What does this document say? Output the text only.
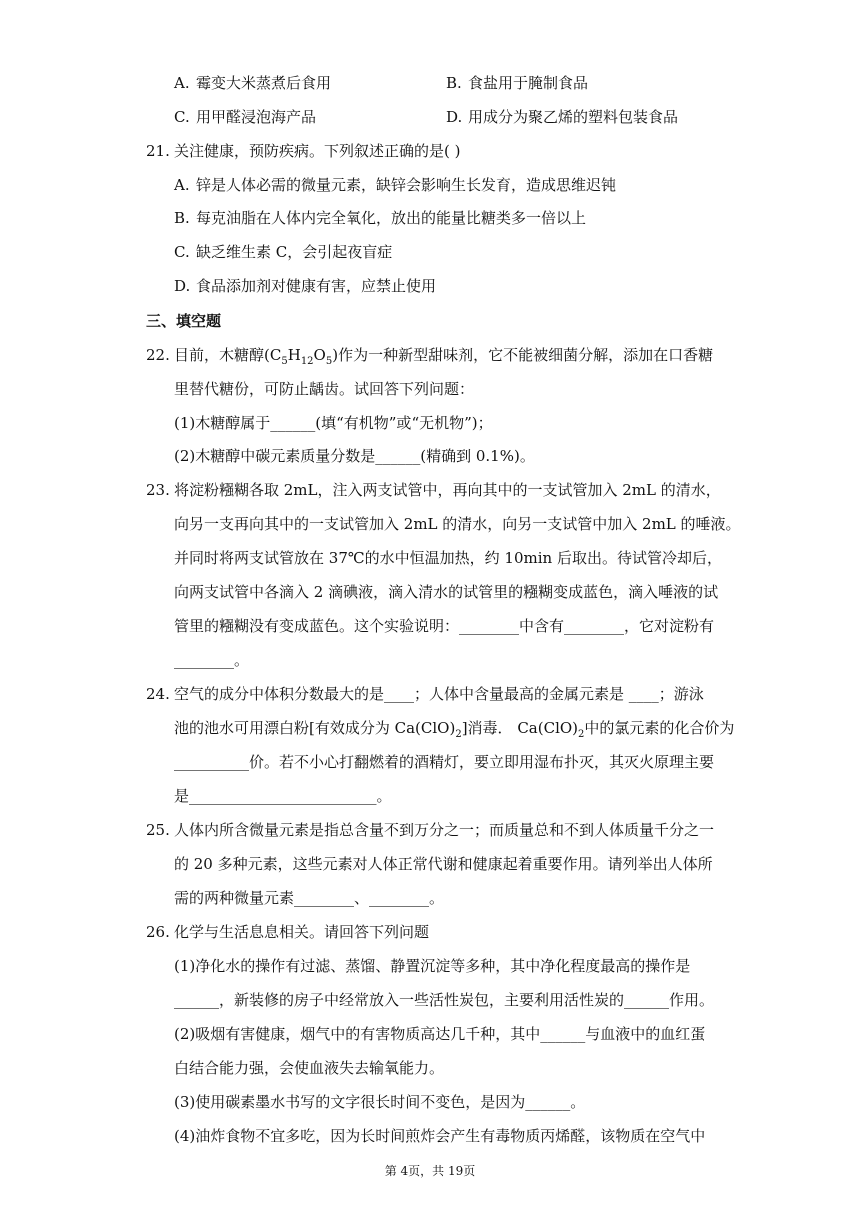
A. 霉变大米蒸煮后食用	B. 食盐用于腌制食品
C. 用甲醛浸泡海产品	D. 用成分为聚乙烯的塑料包装食品
21. 关注健康，预防疾病。下列叙述正确的是( )
A. 锌是人体必需的微量元素，缺锌会影响生长发育，造成思维迟钝
B. 每克油脂在人体内完全氧化，放出的能量比糖类多一倍以上
C. 缺乏维生素 C，会引起夜盲症
D. 食品添加剂对健康有害，应禁止使用
三、填空题
22. 目前，木糖醇$(C_5H_{12}O_5)$作为一种新型甜味剂，它不能被细菌分解，添加在口香糖
里替代糖份，可防止龋齿。试回答下列问题：
(1)木糖醇属于______(填“有机物”或“无机物”)；
(2)木糖醇中碳元素质量分数是______(精确到 0.1%)。
23. 将淀粉糨糊各取 2mL，注入两支试管中，再向其中的一支试管加入 2mL 的清水，
向另一支再向其中的一支试管加入 2mL 的清水，向另一支试管中加入 2mL 的唾液。
并同时将两支试管放在 37℃的水中恒温加热，约 10min 后取出。待试管冷却后，
向两支试管中各滴入 2 滴碘液，滴入清水的试管里的糨糊变成蓝色，滴入唾液的试
管里的糨糊没有变成蓝色。这个实验说明：________中含有________，它对淀粉有
________。
24. 空气的成分中体积分数最大的是____；人体中含量最高的金属元素是 ____；游泳
池的池水可用漂白粉[有效成分为 $Ca(ClO)_2$]消毒． $Ca(ClO)_2$中的氯元素的化合价为
__________价。若不小心打翻燃着的酒精灯，要立即用湿布扑灭，其灭火原理主要
是_________________________。
25. 人体内所含微量元素是指总含量不到万分之一；而质量总和不到人体质量千分之一
的 20 多种元素，这些元素对人体正常代谢和健康起着重要作用。请列举出人体所
需的两种微量元素________、________。
26. 化学与生活息息相关。请回答下列问题
(1)净化水的操作有过滤、蒸馏、静置沉淀等多种，其中净化程度最高的操作是
______，新装修的房子中经常放入一些活性炭包，主要利用活性炭的______作用。
(2)吸烟有害健康，烟气中的有害物质高达几千种，其中______与血液中的血红蛋
白结合能力强，会使血液失去输氧能力。
(3)使用碳素墨水书写的文字很长时间不变色，是因为______。
(4)油炸食物不宜多吃，因为长时间煎炸会产生有毒物质丙烯醛，该物质在空气中
第 4页，共 19页
